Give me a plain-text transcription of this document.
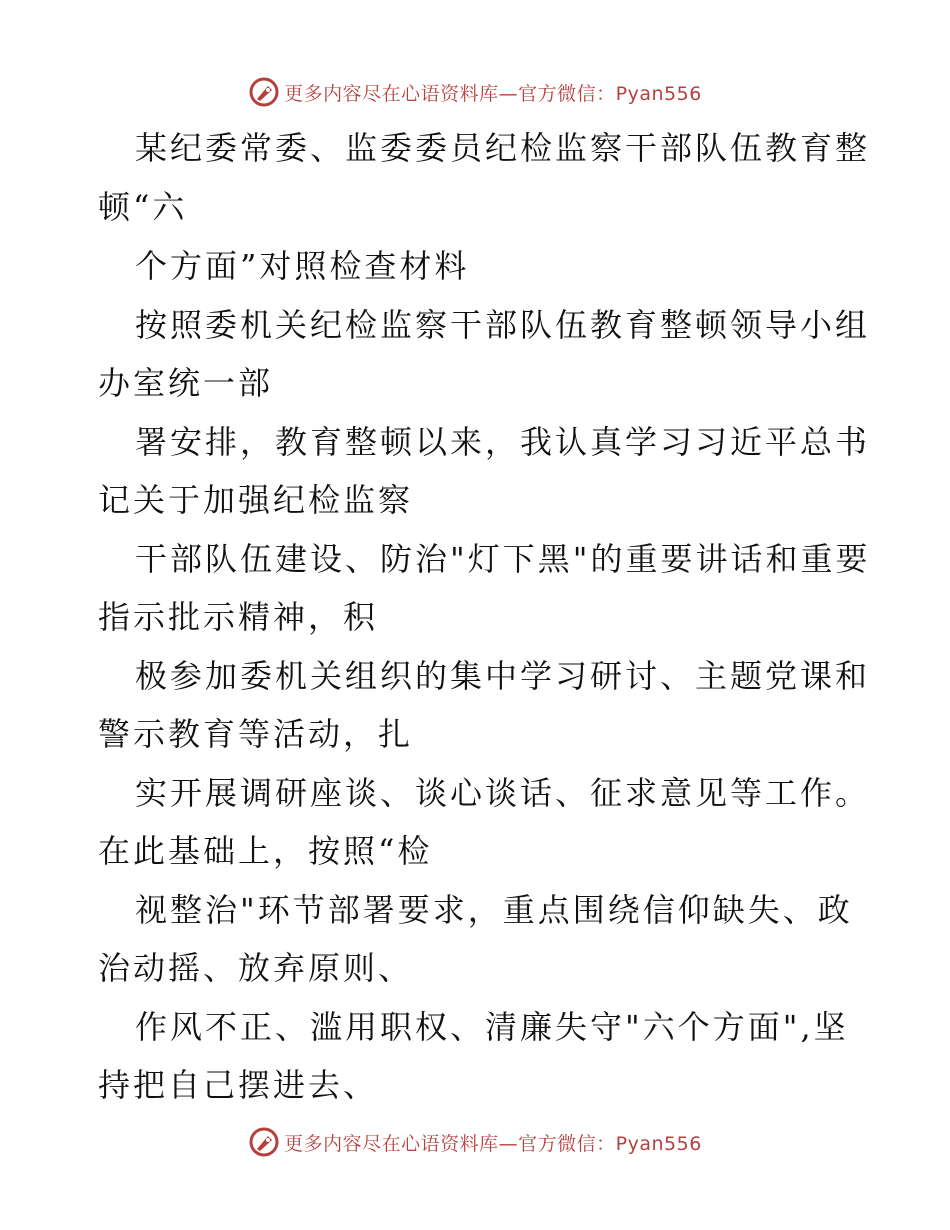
更多内容尽在心语资料库—官方微信：Pyan556
某纪委常委、监委委员纪检监察干部队伍教育整
顿“六
个方面”对照检查材料
按照委机关纪检监察干部队伍教育整顿领导小组
办室统一部
署安排，教育整顿以来，我认真学习习近平总书
记关于加强纪检监察
干部队伍建设、防治"灯下黑"的重要讲话和重要
指示批示精神，积
极参加委机关组织的集中学习研讨、主题党课和
警示教育等活动，扎
实开展调研座谈、谈心谈话、征求意见等工作。
在此基础上，按照“检
视整治"环节部署要求，重点围绕信仰缺失、政
治动摇、放弃原则、
作风不正、滥用职权、清廉失守"六个方面",坚
持把自己摆进去、
更多内容尽在心语资料库—官方微信：Pyan556
